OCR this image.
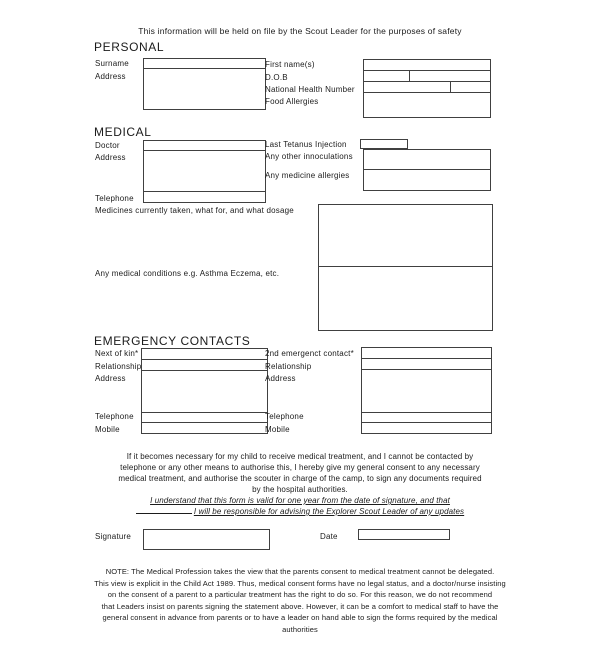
This information will be held on file by the Scout Leader for the purposes of safety
PERSONAL
Surname
Address
First name(s)
D.O.B
National Health Number
Food Allergies
MEDICAL
Doctor
Address
Telephone
Last Tetanus Injection
Any other innoculations
Any medicine allergies
Medicines currently taken, what for, and what dosage
Any medical conditions e.g. Asthma Eczema, etc.
EMERGENCY CONTACTS
Next of kin*
Relationship
Address
Telephone
Mobile
2nd emergenct contact*
Relationship
Address
Telephone
Mobile
If it becomes necessary for my child to receive medical treatment, and I cannot be contacted by
telephone or any other means to authorise this, I hereby give my general consent to any necessary
medical treatment, and authorise the scouter in charge of the camp, to sign any documents required
by the hospital authorities.
I understand that this form is valid for one year from the date of signature, and that
I will be responsible for advising the Explorer Scout Leader of any updates
Signature	Date
NOTE: The Medical Profession takes the view that the parents consent to medical treatment cannot be delegated.
This view is explicit in the Child Act 1989. Thus, medical consent forms have no legal status, and a doctor/nurse insisting
on the consent of a parent to a particular treatment has the right to do so. For this reason, we do not recommend
that Leaders insist on parents signing the statement above. However, it can be a comfort to medical staff to have the
general consent in advance from parents or to have a leader on hand able to sign the forms required by the medical
authorities
